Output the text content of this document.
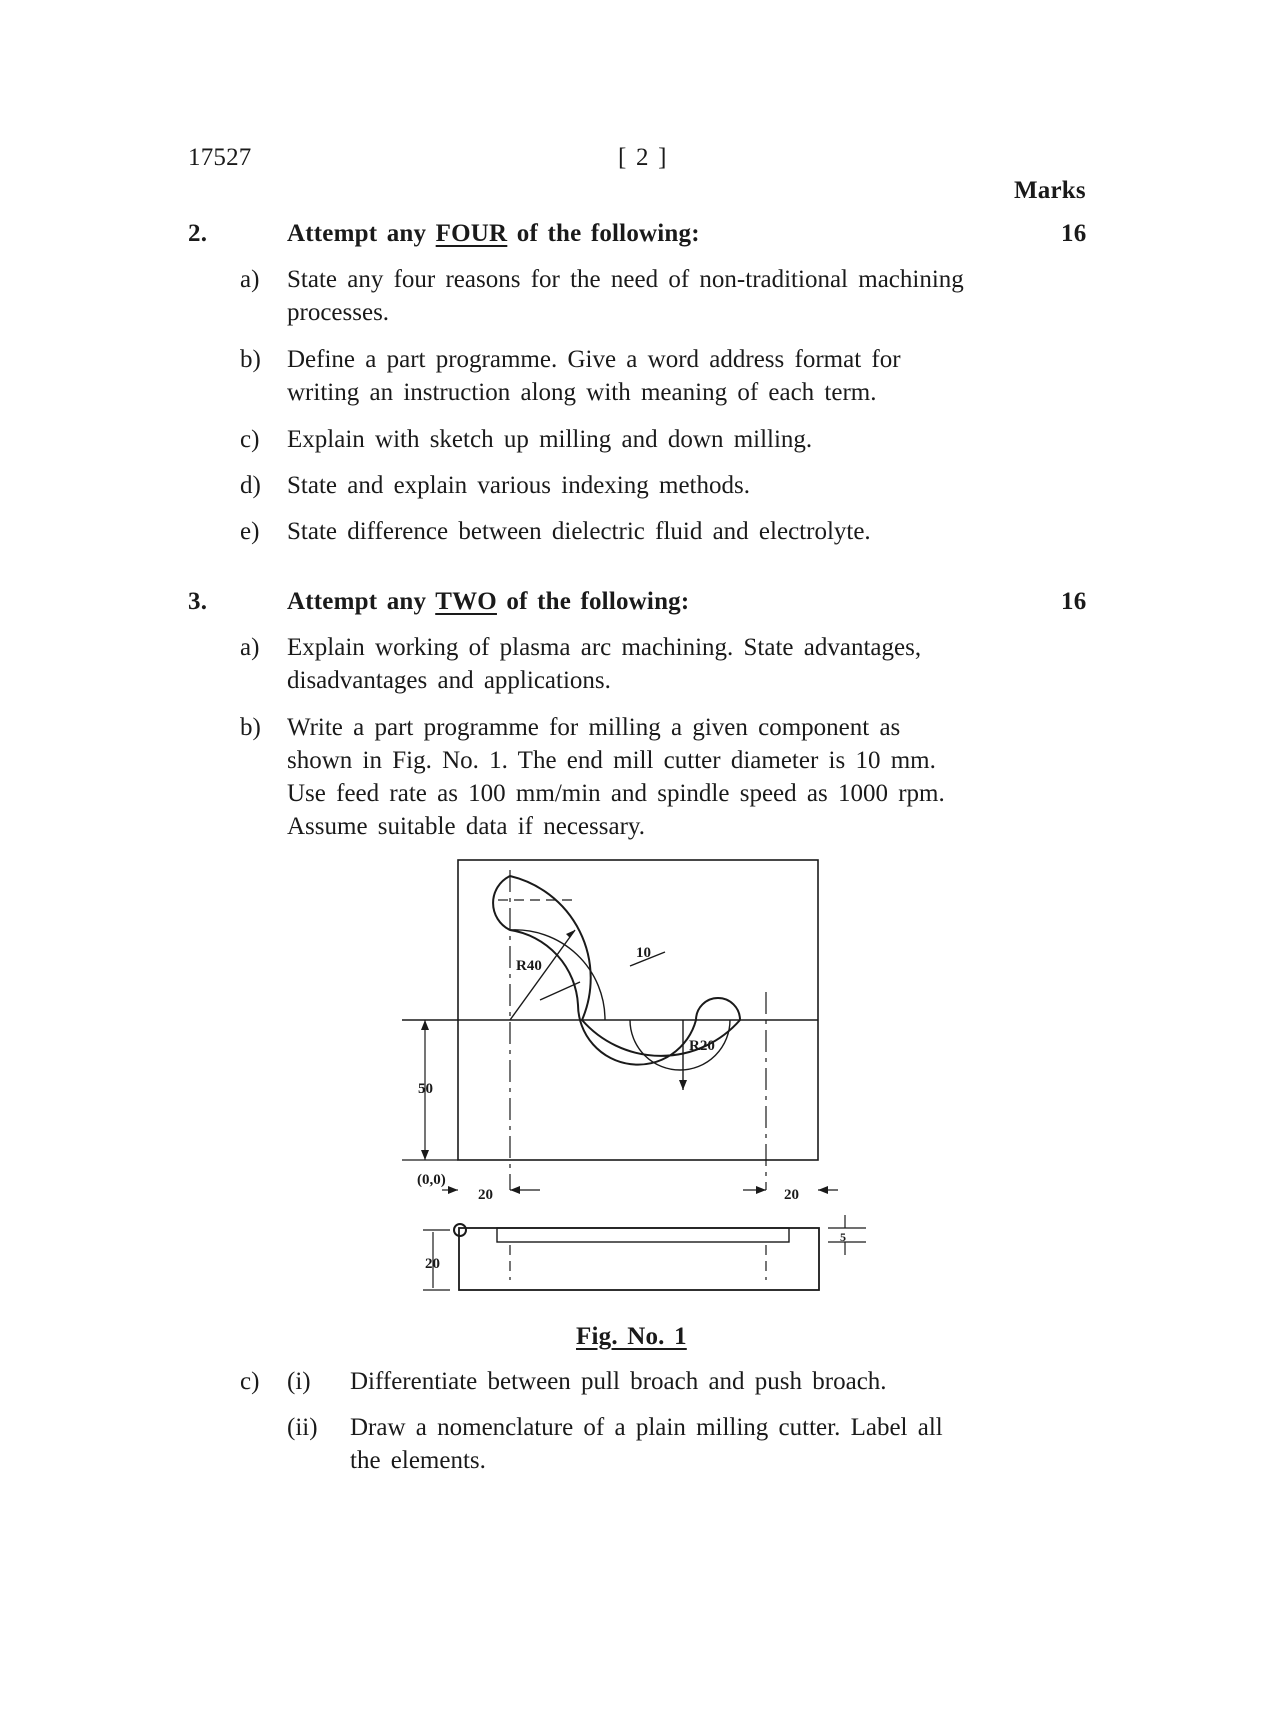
17527	[ 2 ]
Marks
2.	Attempt any FOUR of the following:	16
a) State any four reasons for the need of non-traditional machining
processes.
b) Define a part programme. Give a word address format for
writing an instruction along with meaning of each term.
c) Explain with sketch up milling and down milling.
d) State and explain various indexing methods.
e) State difference between dielectric fluid and electrolyte.
3.	Attempt any TWO of the following:	16
a) Explain working of plasma arc machining. State advantages,
disadvantages and applications.
b) Write a part programme for milling a given component as
shown in Fig. No. 1. The end mill cutter diameter is 10 mm.
Use feed rate as 100 mm/min and spindle speed as 1000 rpm.
Assume suitable data if necessary.
R40
10
R20
50
(0,0)
20	20
20
5
Fig. No. 1
c) (i) Differentiate between pull broach and push broach.
(ii) Draw a nomenclature of a plain milling cutter. Label all
the elements.
